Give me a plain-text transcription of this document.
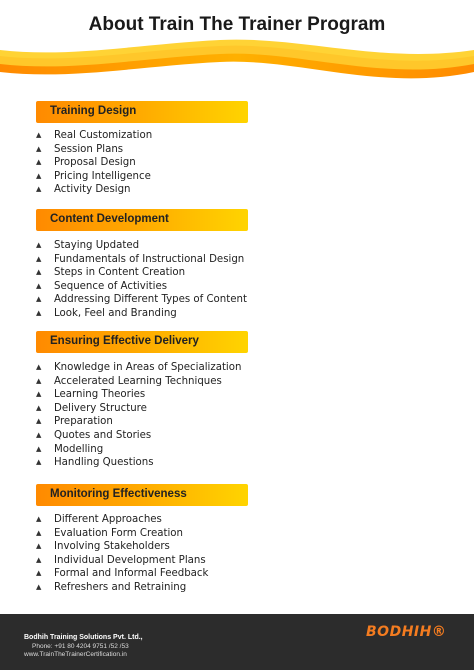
About Train The Trainer Program
Training Design
▲ Real Customization
▲ Session Plans
▲ Proposal Design
▲ Pricing Intelligence
▲ Activity Design
Content Development
▲ Staying Updated
▲ Fundamentals of Instructional Design
▲ Steps in Content Creation
▲ Sequence of Activities
▲ Addressing Different Types of Content
▲ Look, Feel and Branding
Ensuring Effective Delivery
▲ Knowledge in Areas of Specialization
▲ Accelerated Learning Techniques
▲ Learning Theories
▲ Delivery Structure
▲ Preparation
▲ Quotes and Stories
▲ Modelling
▲ Handling Questions
Monitoring Effectiveness
▲ Different Approaches
▲ Evaluation Form Creation
▲ Involving Stakeholders
▲ Individual Development Plans
▲ Formal and Informal Feedback
▲ Refreshers and Retraining
Bodhih Training Solutions Pvt. Ltd.,
Phone: +91 80 4204 9751 /52 /53
www.TrainTheTrainerCertification.in
BODHIH®
